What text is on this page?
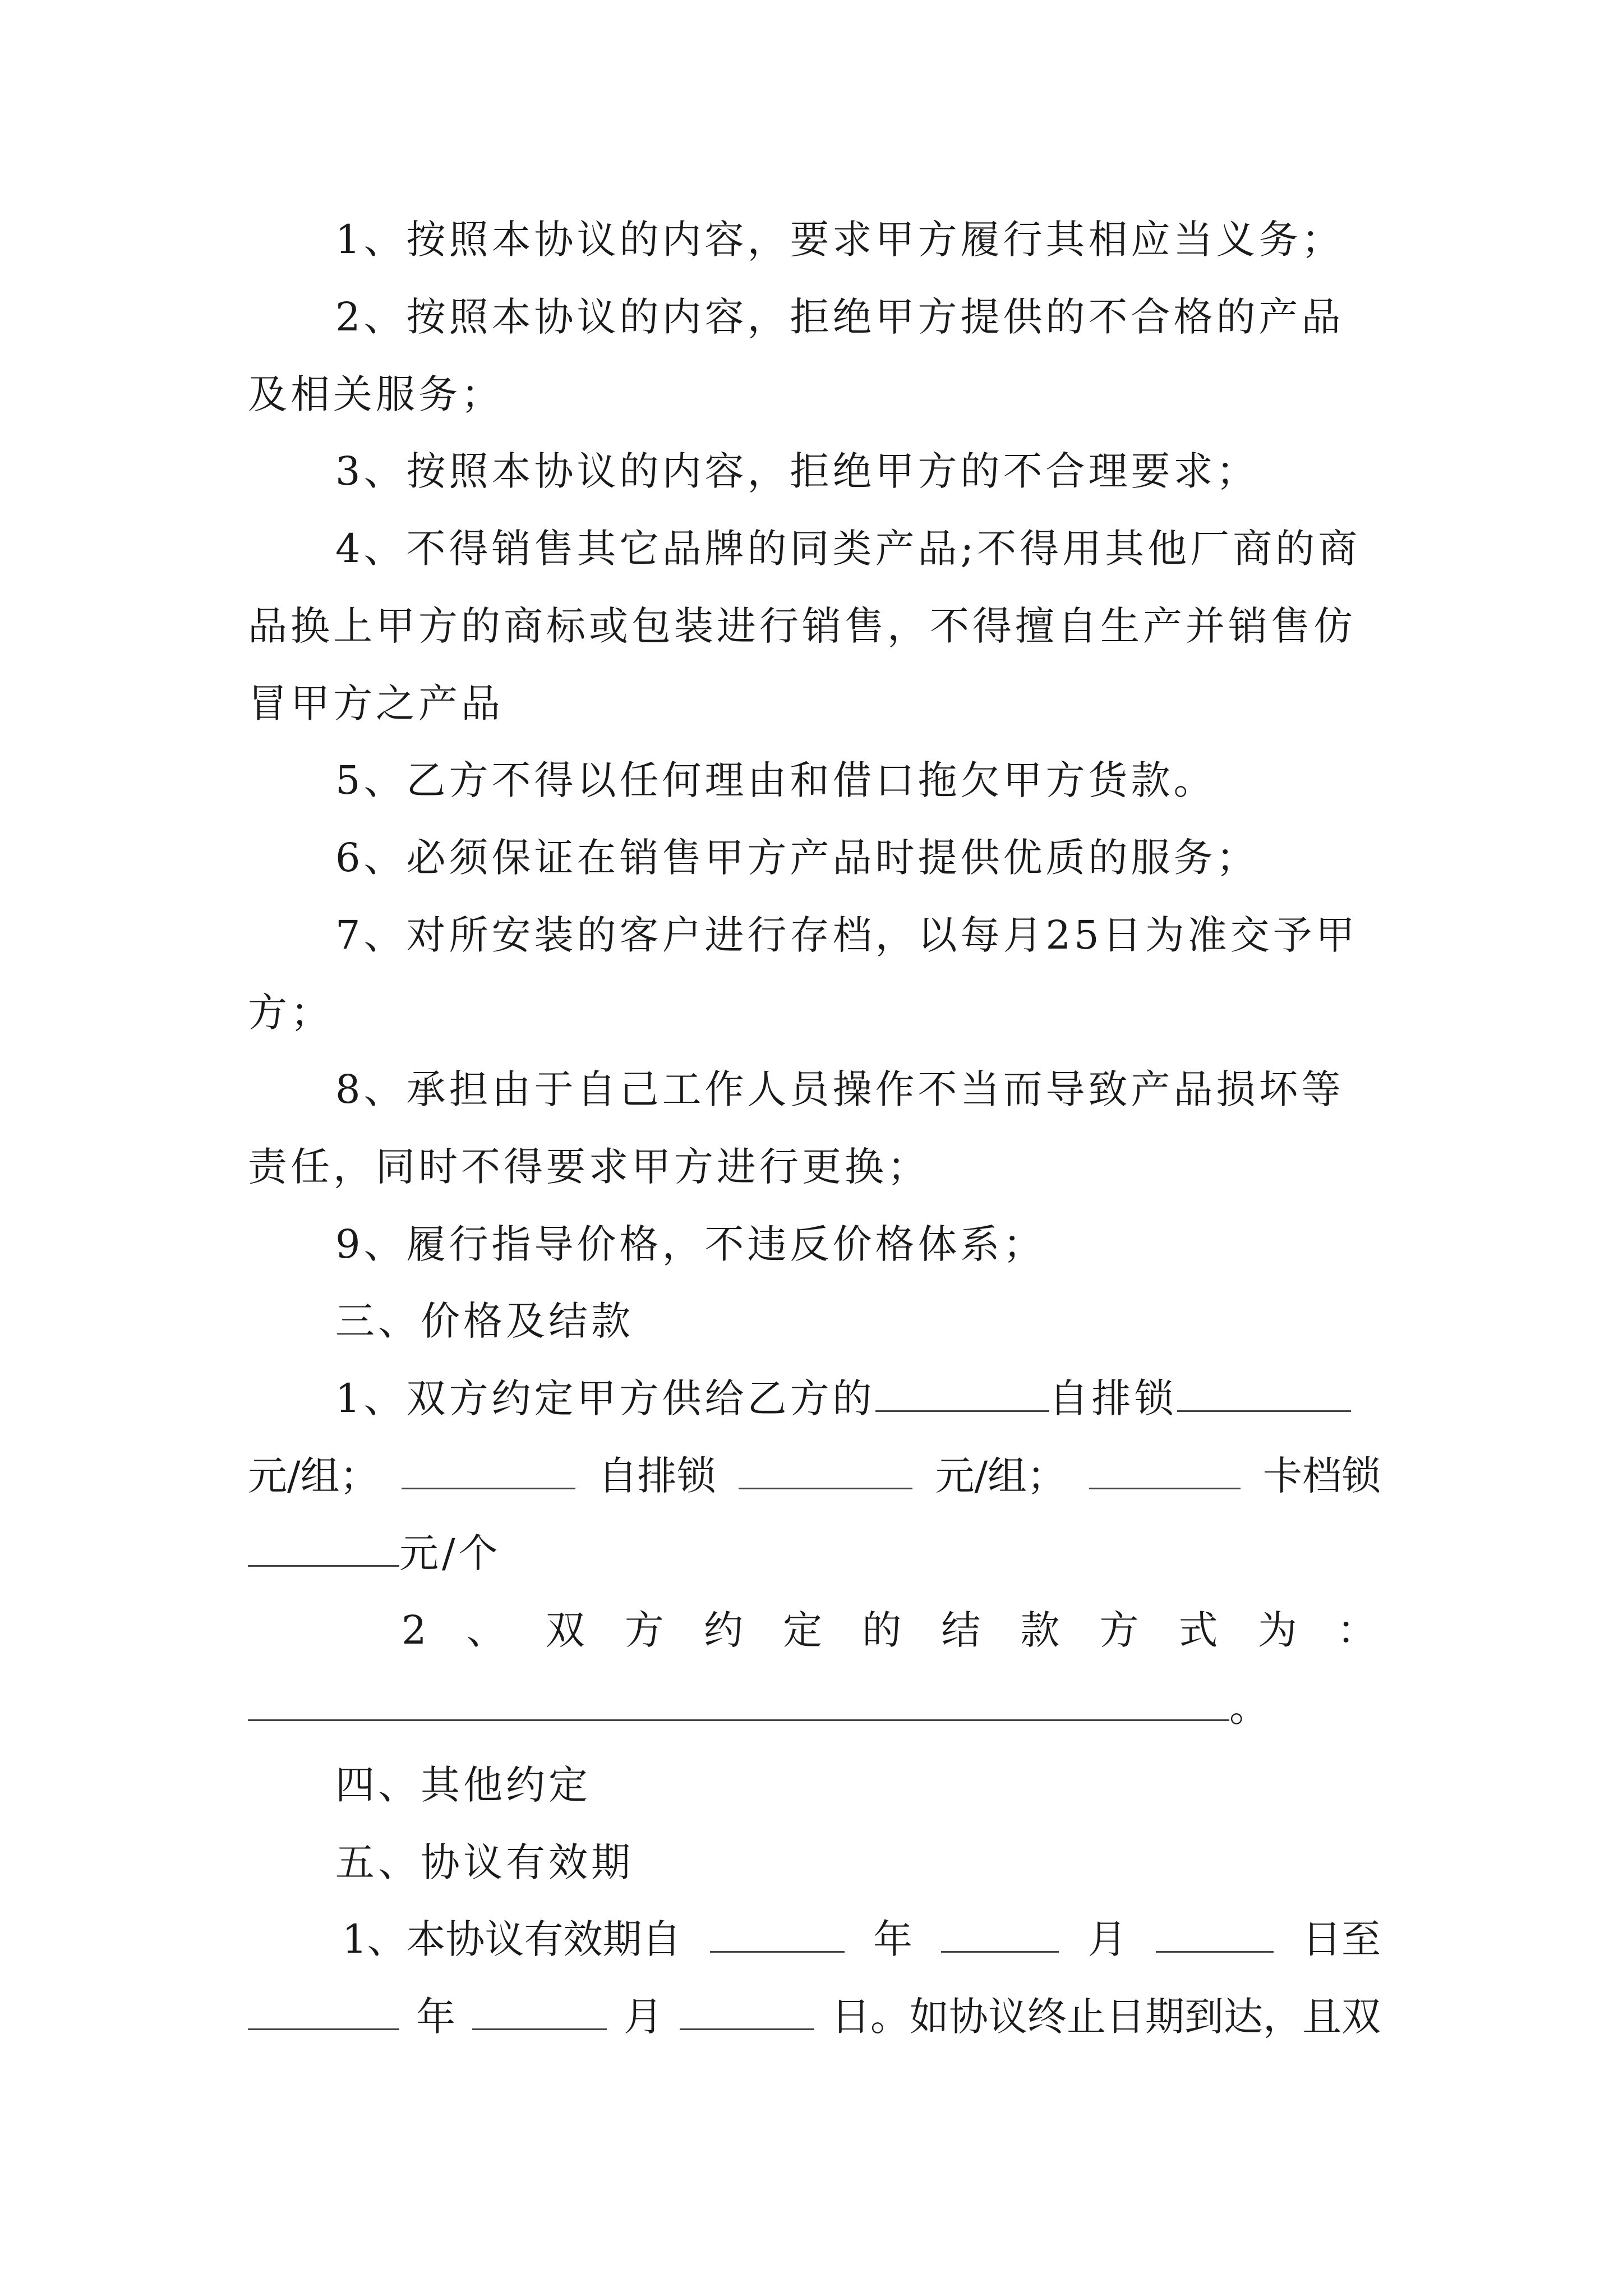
1、按照本协议的内容，要求甲方履行其相应当义务；
2、按照本协议的内容，拒绝甲方提供的不合格的产品
及相关服务；
3、按照本协议的内容，拒绝甲方的不合理要求；
4、不得销售其它品牌的同类产品;不得用其他厂商的商
品换上甲方的商标或包装进行销售，不得擅自生产并销售仿
冒甲方之产品
5、乙方不得以任何理由和借口拖欠甲方货款。
6、必须保证在销售甲方产品时提供优质的服务；
7、对所安装的客户进行存档，以每月25日为准交予甲
方；
8、承担由于自己工作人员操作不当而导致产品损坏等
责任，同时不得要求甲方进行更换；
9、履行指导价格，不违反价格体系；
三、价格及结款
1、双方约定甲方供给乙方的	自排锁
元/组；	自排锁	元/组；	卡档锁
元/个
2 、 双 方 约 定 的 结 款 方 式 为 ：
。
四、其他约定
五、协议有效期
1、本协议有效期自	年	月	日至
年	月	日。如协议终止日期到达，且双
